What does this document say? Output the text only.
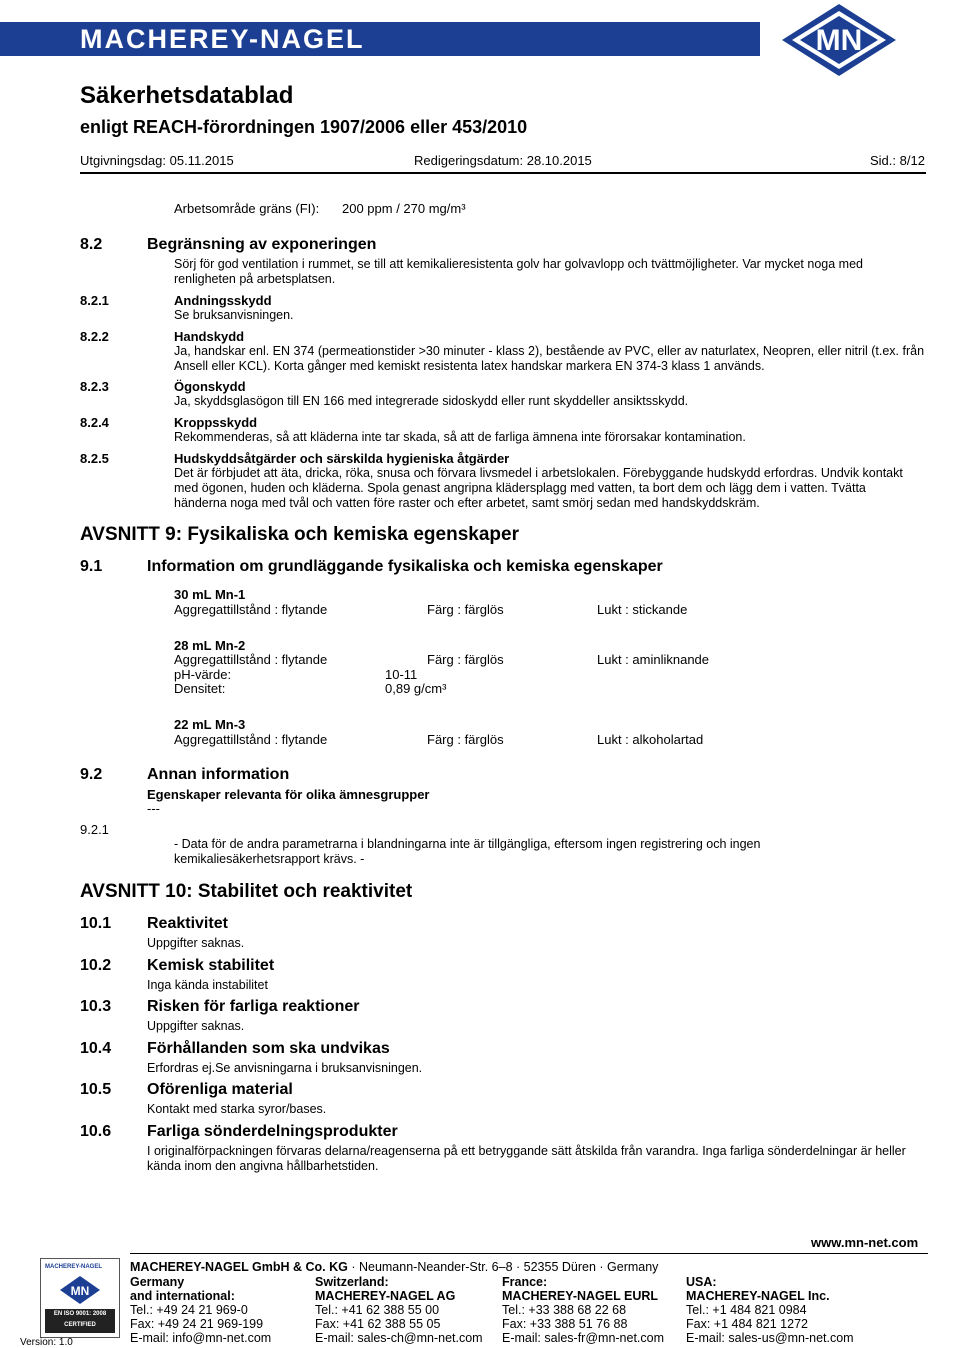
MACHEREY-NAGEL	MN
Säkerhetsdatablad
enligt REACH-förordningen 1907/2006 eller 453/2010
Utgivningsdag: 05.11.2015	Redigeringsdatum: 28.10.2015	Sid.: 8/12
Arbetsområde gräns (FI): 200 ppm / 270 mg/m³
8.2	Begränsning av exponeringen
Sörj för god ventilation i rummet, se till att kemikalieresistenta golv har golvavlopp och tvättmöjligheter. Var mycket noga med renligheten på arbetsplatsen.
8.2.1	Andningsskydd
Se bruksanvisningen.
8.2.2	Handskydd
Ja, handskar enl. EN 374 (permeationstider >30 minuter - klass 2), bestående av PVC, eller av naturlatex, Neopren, eller nitril (t.ex. från Ansell eller KCL). Korta gånger med kemiskt resistenta latex handskar markera EN 374-3 klass 1 används.
8.2.3	Ögonskydd
Ja, skyddsglasögon till EN 166 med integrerade sidoskydd eller runt skyddeller ansiktsskydd.
8.2.4	Kroppsskydd
Rekommenderas, så att kläderna inte tar skada, så att de farliga ämnena inte förorsakar kontamination.
8.2.5	Hudskyddsåtgärder och särskilda hygieniska åtgärder
Det är förbjudet att äta, dricka, röka, snusa och förvara livsmedel i arbetslokalen. Förebyggande hudskydd erfordras. Undvik kontakt med ögonen, huden och kläderna. Spola genast angripna klädersplagg med vatten, ta bort dem och lägg dem i vatten. Tvätta händerna noga med tvål och vatten före raster och efter arbetet, samt smörj sedan med handskyddskräm.
AVSNITT 9: Fysikaliska och kemiska egenskaper
9.1	Information om grundläggande fysikaliska och kemiska egenskaper
30 mL Mn-1
Aggregattillstånd : flytande	Färg : färglös	Lukt : stickande
28 mL Mn-2
Aggregattillstånd : flytande	Färg : färglös	Lukt : aminliknande
pH-värde:	10-11
Densitet:	0,89 g/cm³
22 mL Mn-3
Aggregattillstånd : flytande	Färg : färglös	Lukt : alkoholartad
9.2	Annan information
Egenskaper relevanta för olika ämnesgrupper
---
9.2.1
- Data för de andra parametrarna i blandningarna inte är tillgängliga, eftersom ingen registrering och ingen kemikaliesäkerhetsrapport krävs. -
AVSNITT 10: Stabilitet och reaktivitet
10.1 Reaktivitet
Uppgifter saknas.
10.2 Kemisk stabilitet
Inga kända instabilitet
10.3 Risken för farliga reaktioner
Uppgifter saknas.
10.4 Förhållanden som ska undvikas
Erfordras ej.Se anvisningarna i bruksanvisningen.
10.5 Oförenliga material
Kontakt med starka syror/bases.
10.6 Farliga sönderdelningsprodukter
I originalförpackningen förvaras delarna/reagenserna på ett betryggande sätt åtskilda från varandra. Inga farliga sönderdelningar är heller kända inom den angivna hållbarhetstiden.
www.mn-net.com
MACHEREY-NAGEL
MN
EN ISO 9001: 2008
CERTIFIED
Version: 1.0
MACHEREY-NAGEL GmbH & Co. KG · Neumann-Neander-Str. 6–8 · 52355 Düren · Germany
Germany
and international:
Tel.: +49 24 21 969-0
Fax: +49 24 21 969-199
E-mail: info@mn-net.com
Switzerland:
MACHEREY-NAGEL AG
Tel.: +41 62 388 55 00
Fax: +41 62 388 55 05
E-mail: sales-ch@mn-net.com
France:
MACHEREY-NAGEL EURL
Tel.: +33 388 68 22 68
Fax: +33 388 51 76 88
E-mail: sales-fr@mn-net.com
USA:
MACHEREY-NAGEL Inc.
Tel.: +1 484 821 0984
Fax: +1 484 821 1272
E-mail: sales-us@mn-net.com
